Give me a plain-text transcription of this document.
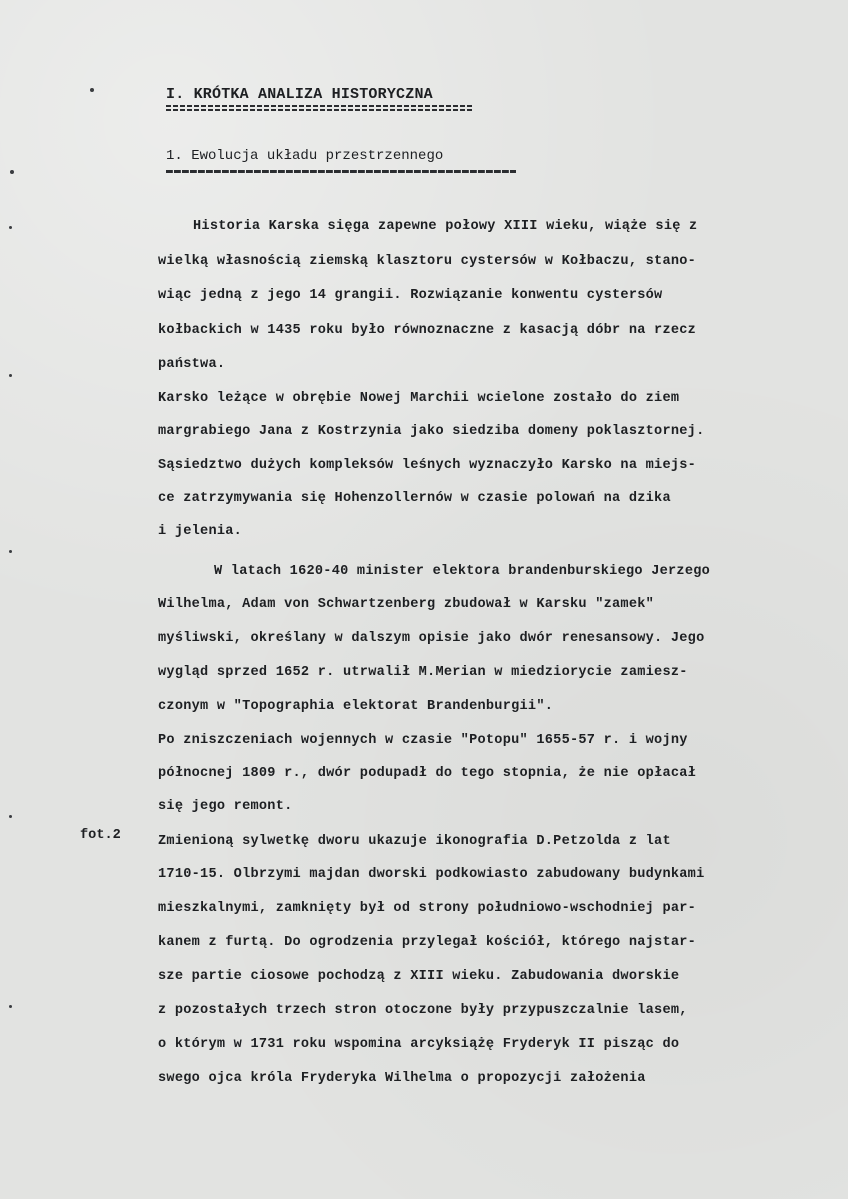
I. KRÓTKA ANALIZA HISTORYCZNA
1. Ewolucja układu przestrzennego
fot.2
Historia Karska sięga zapewne połowy XIII wieku, wiąże się z
wielką własnością ziemską klasztoru cystersów w Kołbaczu, stano-
wiąc jedną z jego 14 grangii. Rozwiązanie konwentu cystersów
kołbackich w 1435 roku było równoznaczne z kasacją dóbr na rzecz
państwa.
Karsko leżące w obrębie Nowej Marchii wcielone zostało do ziem
margrabiego Jana z Kostrzynia jako siedziba domeny poklasztornej.
Sąsiedztwo dużych kompleksów leśnych wyznaczyło Karsko na miejs-
ce zatrzymywania się Hohenzollernów w czasie polowań na dzika
i jelenia.
W latach 1620-40 minister elektora brandenburskiego Jerzego
Wilhelma, Adam von Schwartzenberg zbudował w Karsku "zamek"
myśliwski, określany w dalszym opisie jako dwór renesansowy. Jego
wygląd sprzed 1652 r. utrwalił M.Merian w miedziorycie zamiesz-
czonym w "Topographia elektorat Brandenburgii".
Po zniszczeniach wojennych w czasie "Potopu" 1655-57 r. i wojny
północnej 1809 r., dwór podupadł do tego stopnia, że nie opłacał
się jego remont.
Zmienioną sylwetkę dworu ukazuje ikonografia D.Petzolda z lat
1710-15. Olbrzymi majdan dworski podkowiasto zabudowany budynkami
mieszkalnymi, zamknięty był od strony południowo-wschodniej par-
kanem z furtą. Do ogrodzenia przylegał kościół, którego najstar-
sze partie ciosowe pochodzą z XIII wieku. Zabudowania dworskie
z pozostałych trzech stron otoczone były przypuszczalnie lasem,
o którym w 1731 roku wspomina arcyksiążę Fryderyk II pisząc do
swego ojca króla Fryderyka Wilhelma o propozycji założenia
